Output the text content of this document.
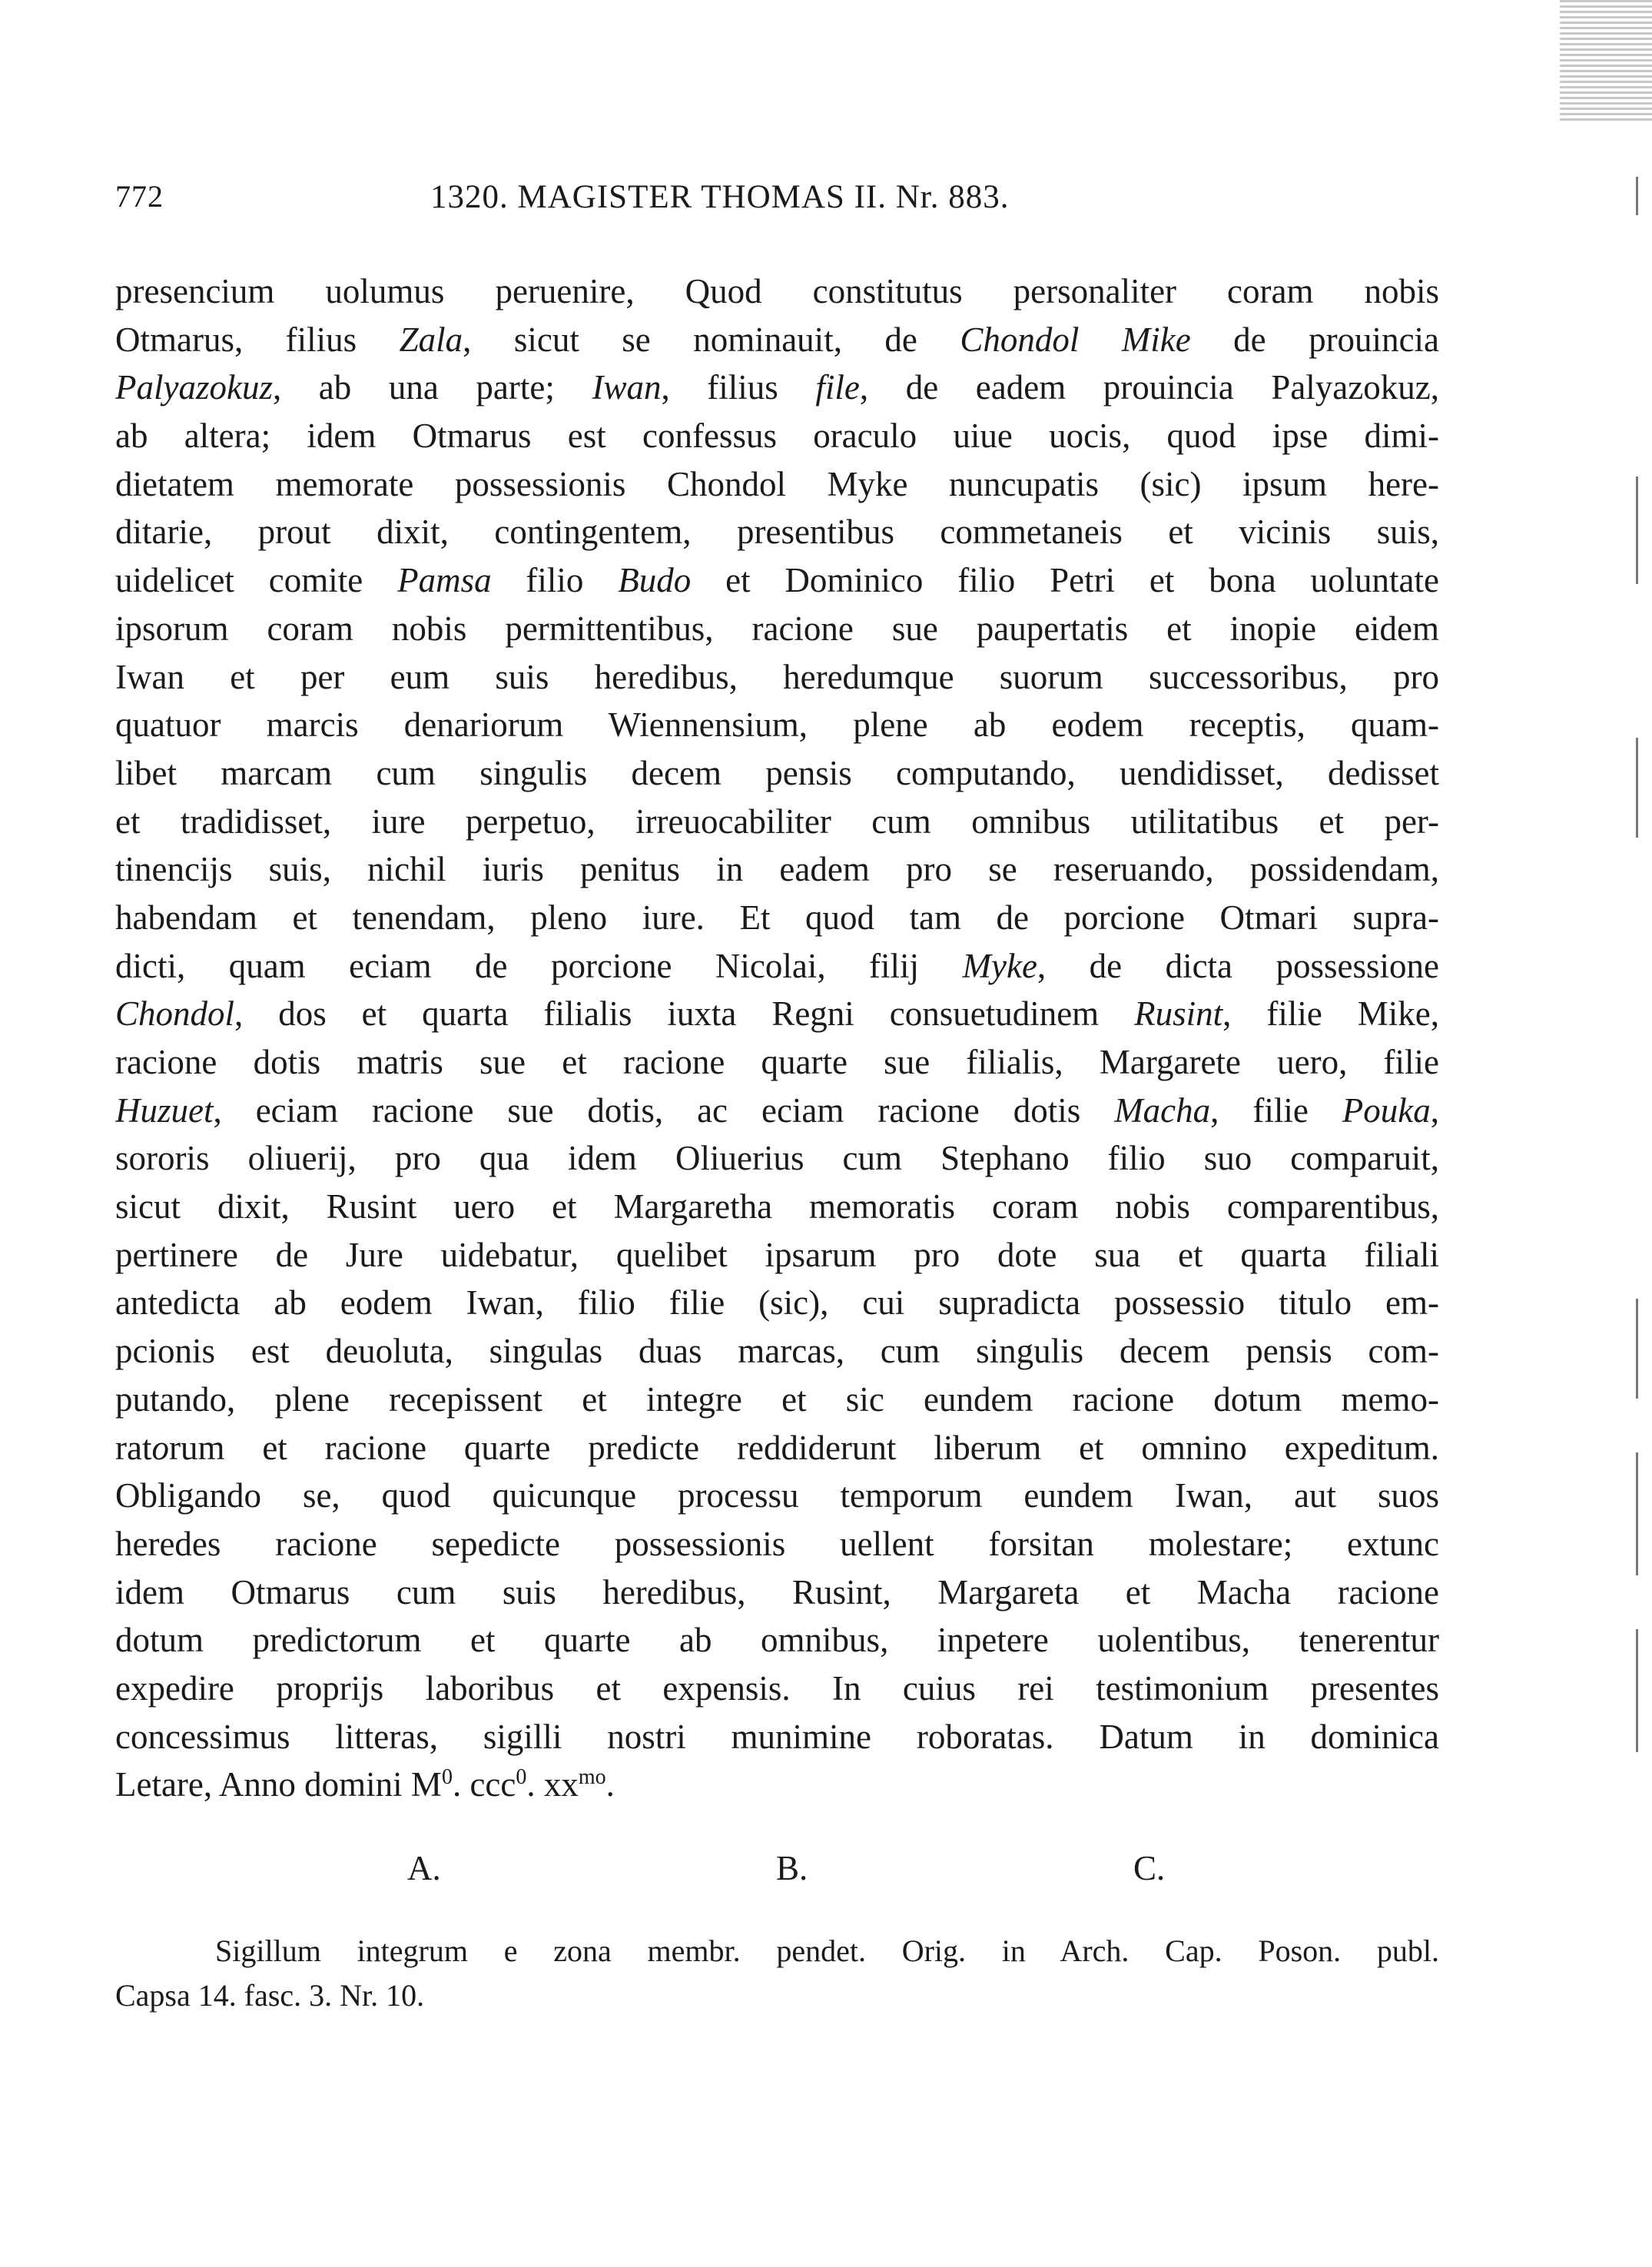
772	1320. MAGISTER THOMAS II. Nr. 883.
presencium uolumus peruenire, Quod constitutus personaliter coram nobis
Otmarus, filius Zala, sicut se nominauit, de Chondol Mike de prouincia
Palyazokuz, ab una parte; Iwan, filius file, de eadem prouincia Palyazokuz,
ab altera; idem Otmarus est confessus oraculo uiue uocis, quod ipse dimi-
dietatem memorate possessionis Chondol Myke nuncupatis (sic) ipsum here-
ditarie, prout dixit, contingentem, presentibus commetaneis et vicinis suis,
uidelicet comite Pamsa filio Budo et Dominico filio Petri et bona uoluntate
ipsorum coram nobis permittentibus, racione sue paupertatis et inopie eidem
Iwan et per eum suis heredibus, heredumque suorum successoribus, pro
quatuor marcis denariorum Wiennensium, plene ab eodem receptis, quam-
libet marcam cum singulis decem pensis computando, uendidisset, dedisset
et tradidisset, iure perpetuo, irreuocabiliter cum omnibus utilitatibus et per-
tinencijs suis, nichil iuris penitus in eadem pro se reseruando, possidendam,
habendam et tenendam, pleno iure. Et quod tam de porcione Otmari supra-
dicti, quam eciam de porcione Nicolai, filij Myke, de dicta possessione
Chondol, dos et quarta filialis iuxta Regni consuetudinem Rusint, filie Mike,
racione dotis matris sue et racione quarte sue filialis, Margarete uero, filie
Huzuet, eciam racione sue dotis, ac eciam racione dotis Macha, filie Pouka,
sororis oliuerij, pro qua idem Oliuerius cum Stephano filio suo comparuit,
sicut dixit, Rusint uero et Margaretha memoratis coram nobis comparentibus,
pertinere de Jure uidebatur, quelibet ipsarum pro dote sua et quarta filiali
antedicta ab eodem Iwan, filio filie (sic), cui supradicta possessio titulo em-
pcionis est deuoluta, singulas duas marcas, cum singulis decem pensis com-
putando, plene recepissent et integre et sic eundem racione dotum memo-
ratorum et racione quarte predicte reddiderunt liberum et omnino expeditum.
Obligando se, quod quicunque processu temporum eundem Iwan, aut suos
heredes racione sepedicte possessionis uellent forsitan molestare; extunc
idem Otmarus cum suis heredibus, Rusint, Margareta et Macha racione
dotum predictorum et quarte ab omnibus, inpetere uolentibus, tenerentur
expedire proprijs laboribus et expensis. In cuius rei testimonium presentes
concessimus litteras, sigilli nostri munimine roboratas. Datum in dominica
Letare, Anno domini $M^0$. ccc$^0$. $xx^{mo}$.
A.	B.	C.
Sigillum integrum e zona membr. pendet. Orig. in Arch. Cap. Poson. publ.
Capsa 14. fasc. 3. Nr. 10.
